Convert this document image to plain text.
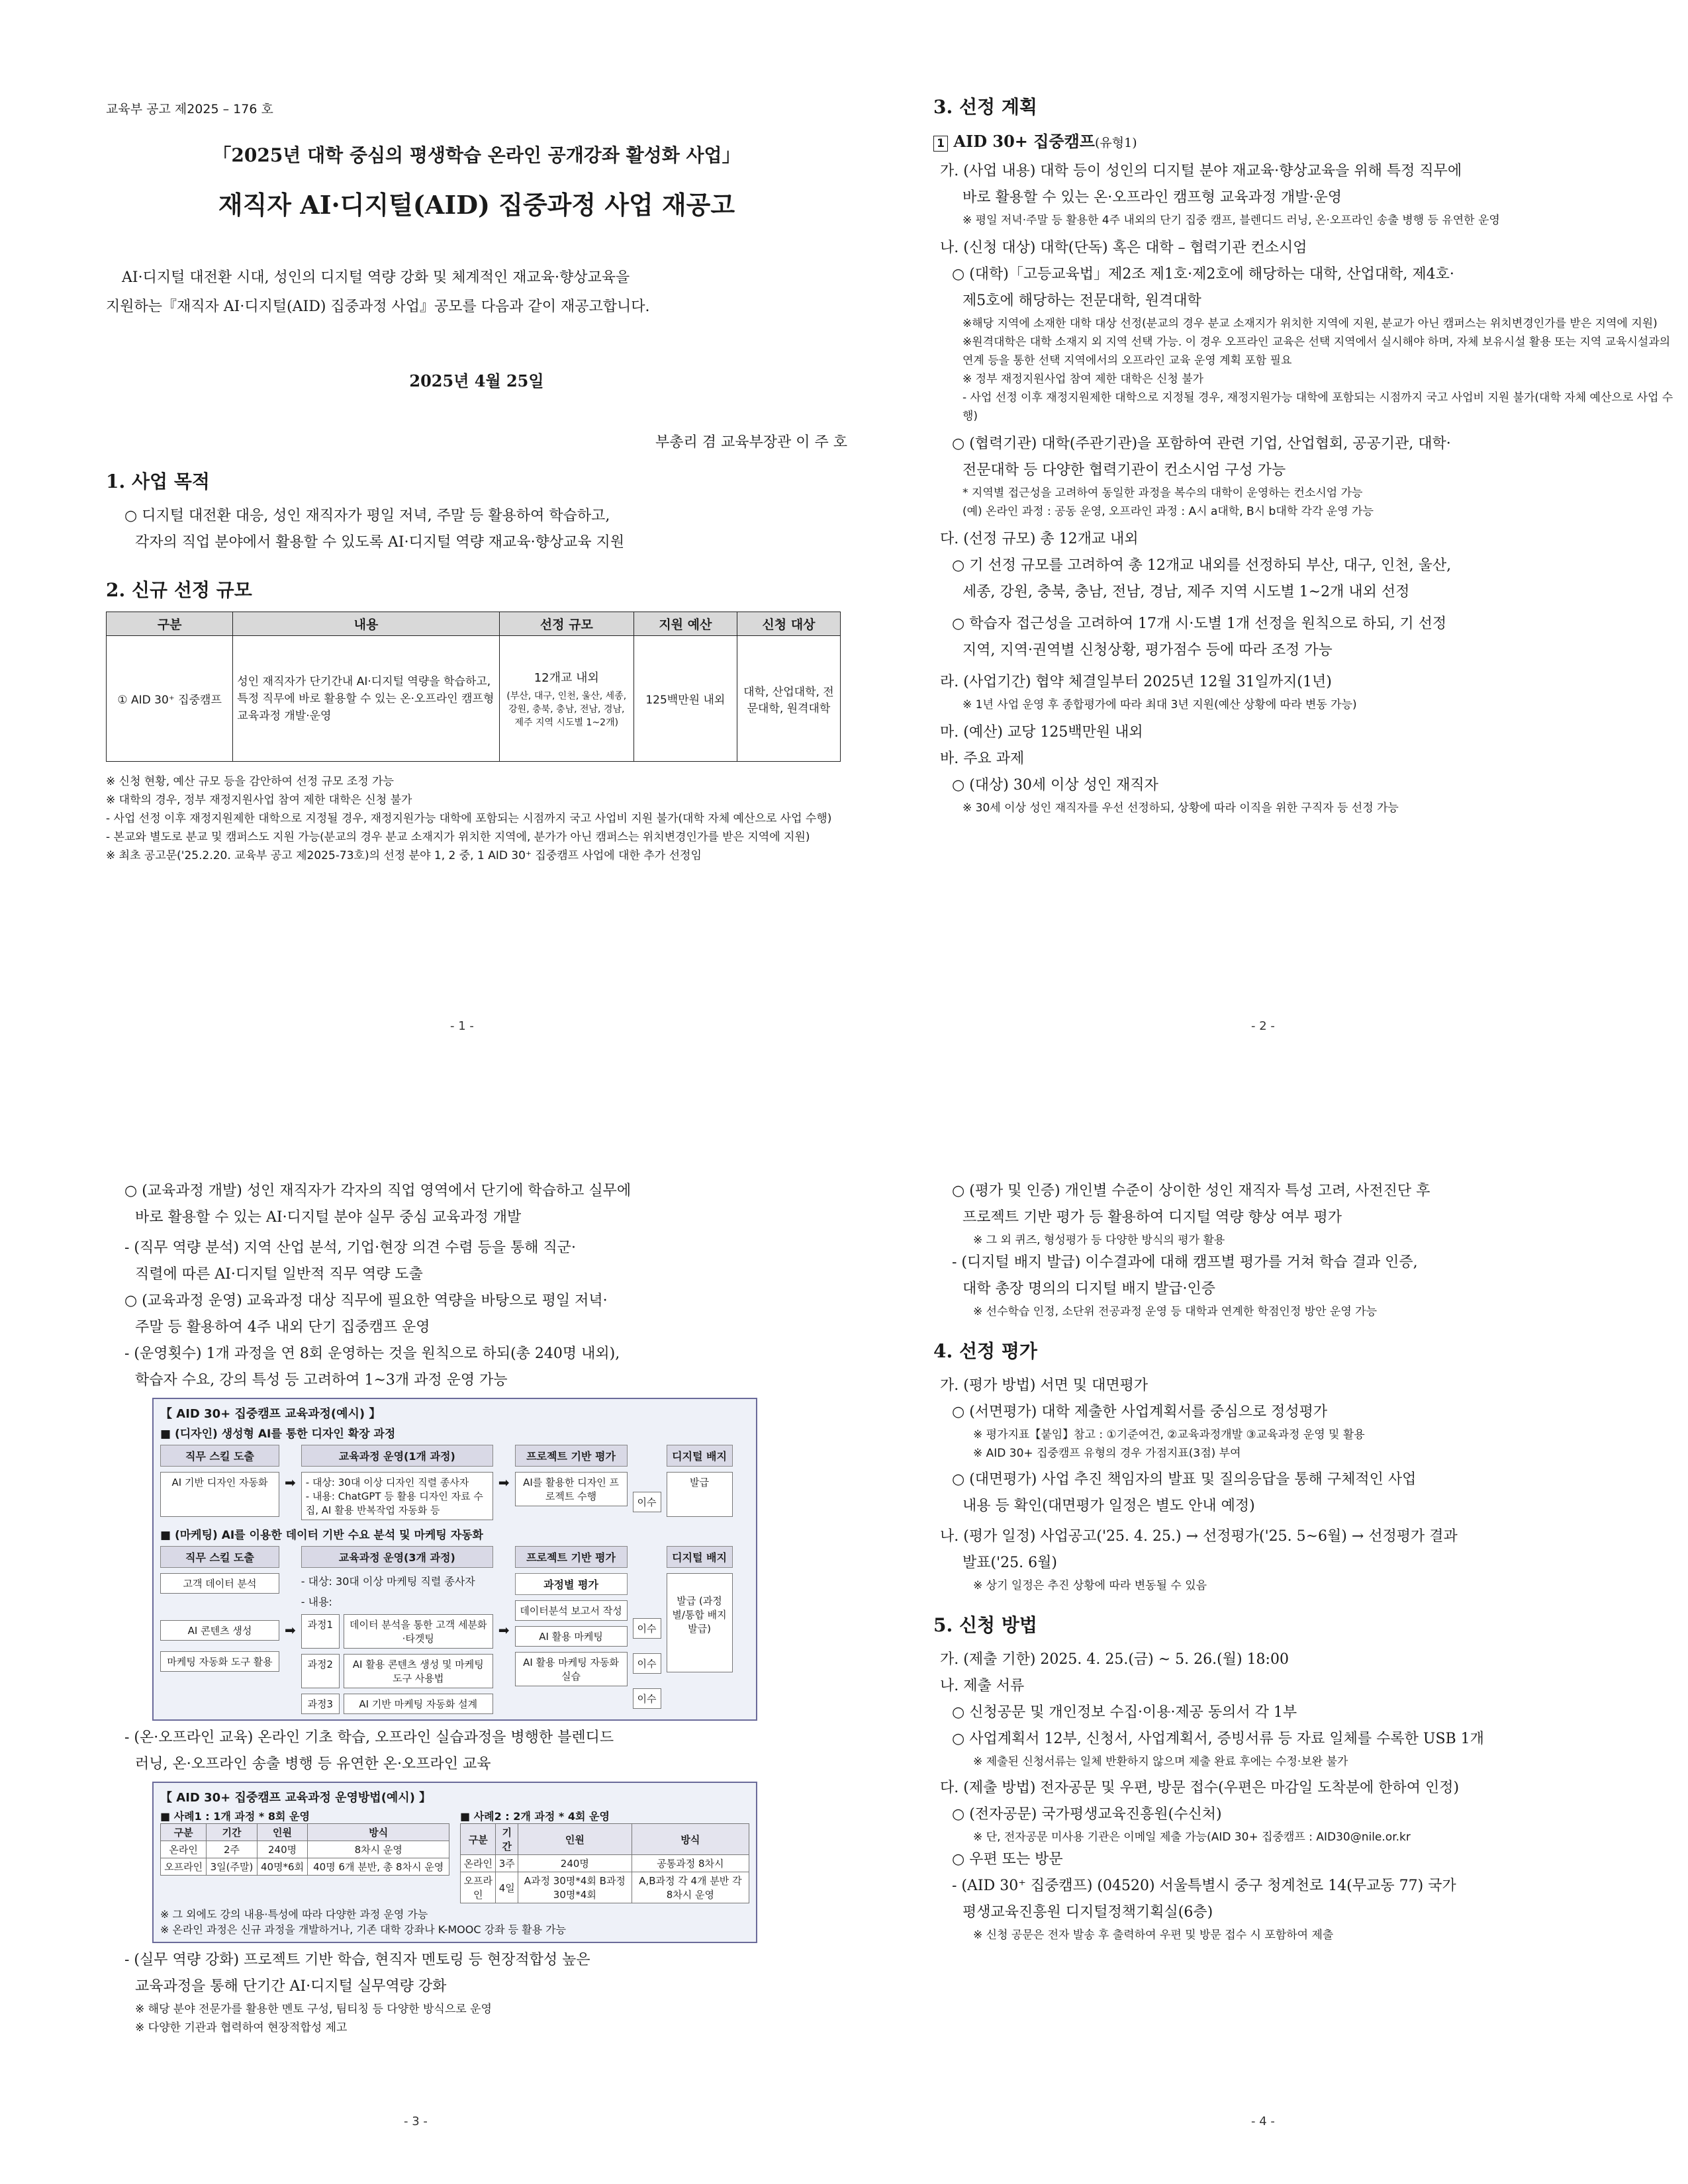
교육부 공고 제2025 – 176 호
「2025년 대학 중심의 평생학습 온라인 공개강좌 활성화 사업」
재직자 AI·디지털(AID) 집중과정 사업 재공고
AI·디지털 대전환 시대, 성인의 디지털 역량 강화 및 체계적인 재교육·향상교육을
지원하는『재직자 AI·디지털(AID) 집중과정 사업』공모를 다음과 같이 재공고합니다.
2025년 4월 25일
부총리 겸 교육부장관 이 주 호
1. 사업 목적
○ 디지털 대전환 대응, 성인 재직자가 평일 저녁, 주말 등 활용하여 학습하고,
각자의 직업 분야에서 활용할 수 있도록 AI·디지털 역량 재교육·향상교육 지원
2. 신규 선정 규모
구분	내용	선정 규모	지원 예산	신청 대상
① AID 30⁺ 집중캠프	성인 재직자가 단기간내 AI·디지털 역량을 학습하고, 특정 직무에 바로 활용할 수 있는 온·오프라인 캠프형 교육과정 개발·운영	12개교 내외
(부산, 대구, 인천, 울산, 세종, 강원, 충북, 충남, 전남, 경남, 제주 지역 시도별 1~2개)	125백만원 내외	대학, 산업대학, 전문대학, 원격대학
※ 신청 현황, 예산 규모 등을 감안하여 선정 규모 조정 가능
※ 대학의 경우, 정부 재정지원사업 참여 제한 대학은 신청 불가
- 사업 선정 이후 재정지원제한 대학으로 지정될 경우, 재정지원가능 대학에 포함되는 시점까지 국고 사업비 지원 불가(대학 자체 예산으로 사업 수행)
- 본교와 별도로 분교 및 캠퍼스도 지원 가능(분교의 경우 분교 소재지가 위치한 지역에, 분가가 아닌 캠퍼스는 위치변경인가를 받은 지역에 지원)
※ 최초 공고문('25.2.20. 교육부 공고 제2025-73호)의 선정 분야 1, 2 중, 1 AID 30⁺ 집중캠프 사업에 대한 추가 선정임
- 1 -
3. 선정 계획
1 AID 30+ 집중캠프(유형1)
가. (사업 내용) 대학 등이 성인의 디지털 분야 재교육·향상교육을 위해 특정 직무에
바로 활용할 수 있는 온·오프라인 캠프형 교육과정 개발·운영
※ 평일 저녁·주말 등 활용한 4주 내외의 단기 집중 캠프, 블렌디드 러닝, 온·오프라인 송출 병행 등 유연한 운영
나. (신청 대상) 대학(단독) 혹은 대학 – 협력기관 컨소시엄
○ (대학)「고등교육법」제2조 제1호·제2호에 해당하는 대학, 산업대학, 제4호·
제5호에 해당하는 전문대학, 원격대학
※해당 지역에 소재한 대학 대상 선정(분교의 경우 분교 소재지가 위치한 지역에 지원, 분교가 아닌 캠퍼스는 위치변경인가를 받은 지역에 지원)
※원격대학은 대학 소재지 외 지역 선택 가능. 이 경우 오프라인 교육은 선택 지역에서 실시해야 하며, 자체 보유시설 활용 또는 지역 교육시설과의 연계 등을 통한 선택 지역에서의 오프라인 교육 운영 계획 포함 필요
※ 정부 재정지원사업 참여 제한 대학은 신청 불가
- 사업 선정 이후 재정지원제한 대학으로 지정될 경우, 재정지원가능 대학에 포함되는 시점까지 국고 사업비 지원 불가(대학 자체 예산으로 사업 수행)
○ (협력기관) 대학(주관기관)을 포함하여 관련 기업, 산업협회, 공공기관, 대학·
전문대학 등 다양한 협력기관이 컨소시엄 구성 가능
* 지역별 접근성을 고려하여 동일한 과정을 복수의 대학이 운영하는 컨소시엄 가능
(예) 온라인 과정 : 공동 운영, 오프라인 과정 : A시 a대학, B시 b대학 각각 운영 가능
다. (선정 규모) 총 12개교 내외
○ 기 선정 규모를 고려하여 총 12개교 내외를 선정하되 부산, 대구, 인천, 울산,
세종, 강원, 충북, 충남, 전남, 경남, 제주 지역 시도별 1~2개 내외 선정
○ 학습자 접근성을 고려하여 17개 시·도별 1개 선정을 원칙으로 하되, 기 선정
지역, 지역·권역별 신청상황, 평가점수 등에 따라 조정 가능
라. (사업기간) 협약 체결일부터 2025년 12월 31일까지(1년)
※ 1년 사업 운영 후 종합평가에 따라 최대 3년 지원(예산 상황에 따라 변동 가능)
마. (예산) 교당 125백만원 내외
바. 주요 과제
○ (대상) 30세 이상 성인 재직자
※ 30세 이상 성인 재직자를 우선 선정하되, 상황에 따라 이직을 위한 구직자 등 선정 가능
- 2 -
○ (교육과정 개발) 성인 재직자가 각자의 직업 영역에서 단기에 학습하고 실무에
바로 활용할 수 있는 AI·디지털 분야 실무 중심 교육과정 개발
- (직무 역량 분석) 지역 산업 분석, 기업·현장 의견 수렴 등을 통해 직군·
직렬에 따른 AI·디지털 일반적 직무 역량 도출
○ (교육과정 운영) 교육과정 대상 직무에 필요한 역량을 바탕으로 평일 저녁·
주말 등 활용하여 4주 내외 단기 집중캠프 운영
- (운영횟수) 1개 과정을 연 8회 운영하는 것을 원칙으로 하되(총 240명 내외),
학습자 수요, 강의 특성 등 고려하여 1~3개 과정 운영 가능
【 AID 30+ 집중캠프 교육과정(예시) 】
■ (디자인) 생성형 AI를 통한 디자인 확장 과정
직무 스킬 도출
AI 기반 디자인 자동화	➡
교육과정 운영(1개 과정)
- 대상: 30대 이상 디자인 직렬 종사자
- 내용: ChatGPT 등 활용 디자인 자료 수집, AI 활용 반복작업 자동화 등
➡
프로젝트 기반 평가
AI를 활용한 디자인 프로젝트 수행	이수
디지털 배지
발급
■ (마케팅) AI를 이용한 데이터 기반 수요 분석 및 마케팅 자동화
직무 스킬 도출
고객 데이터 분석
AI 콘텐츠 생성
마케팅 자동화 도구 활용
➡
교육과정 운영(3개 과정)
- 대상: 30대 이상 마케팅 직렬 종사자
- 내용:
과정1	데이터 분석을 통한 고객 세분화·타겟팅
과정2	AI 활용 콘텐츠 생성 및 마케팅 도구 사용법
과정3	AI 기반 마케팅 자동화 설계
➡
프로젝트 기반 평가
과정별 평가
데이터분석 보고서 작성
AI 활용 마케팅
AI 활용 마케팅 자동화 실습
이수
이수
이수
디지털 배지
발급 (과정별/통합 배지 발급)
- (온·오프라인 교육) 온라인 기초 학습, 오프라인 실습과정을 병행한 블렌디드
러닝, 온·오프라인 송출 병행 등 유연한 온·오프라인 교육
【 AID 30+ 집중캠프 교육과정 운영방법(예시) 】
■ 사례1 : 1개 과정 * 8회 운영
구분	기간	인원	방식
온라인	2주	240명	8차시 운영
오프라인	3일(주말)	40명*6회	40명 6개 분반, 총 8차시 운영
■ 사례2 : 2개 과정 * 4회 운영
구분	기간	인원	방식
온라인	3주	240명	공통과정 8차시
오프라인	4일	A과정 30명*4회 B과정 30명*4회	A,B과정 각 4개 분반 각 8차시 운영
※ 그 외에도 강의 내용·특성에 따라 다양한 과정 운영 가능
※ 온라인 과정은 신규 과정을 개발하거나, 기존 대학 강좌나 K-MOOC 강좌 등 활용 가능
- (실무 역량 강화) 프로젝트 기반 학습, 현직자 멘토링 등 현장적합성 높은
교육과정을 통해 단기간 AI·디지털 실무역량 강화
※ 해당 분야 전문가를 활용한 멘토 구성, 팀티칭 등 다양한 방식으로 운영
※ 다양한 기관과 협력하여 현장적합성 제고
- 3 -
○ (평가 및 인증) 개인별 수준이 상이한 성인 재직자 특성 고려, 사전진단 후
프로젝트 기반 평가 등 활용하여 디지털 역량 향상 여부 평가
※ 그 외 퀴즈, 형성평가 등 다양한 방식의 평가 활용
- (디지털 배지 발급) 이수결과에 대해 캠프별 평가를 거쳐 학습 결과 인증,
대학 총장 명의의 디지털 배지 발급·인증
※ 선수학습 인정, 소단위 전공과정 운영 등 대학과 연계한 학점인정 방안 운영 가능
4. 선정 평가
가. (평가 방법) 서면 및 대면평가
○ (서면평가) 대학 제출한 사업계획서를 중심으로 정성평가
※ 평가지표【붙임】참고 : ①기준여건, ②교육과정개발 ③교육과정 운영 및 활용
※ AID 30+ 집중캠프 유형의 경우 가점지표(3점) 부여
○ (대면평가) 사업 추진 책임자의 발표 및 질의응답을 통해 구체적인 사업
내용 등 확인(대면평가 일정은 별도 안내 예정)
나. (평가 일정) 사업공고('25. 4. 25.) → 선정평가('25. 5~6월) → 선정평가 결과
발표('25. 6월)
※ 상기 일정은 추진 상황에 따라 변동될 수 있음
5. 신청 방법
가. (제출 기한) 2025. 4. 25.(금) ~ 5. 26.(월) 18:00
나. 제출 서류
○ 신청공문 및 개인정보 수집·이용·제공 동의서 각 1부
○ 사업계획서 12부, 신청서, 사업계획서, 증빙서류 등 자료 일체를 수록한 USB 1개
※ 제출된 신청서류는 일체 반환하지 않으며 제출 완료 후에는 수정·보완 불가
다. (제출 방법) 전자공문 및 우편, 방문 접수(우편은 마감일 도착분에 한하여 인정)
○ (전자공문) 국가평생교육진흥원(수신처)
※ 단, 전자공문 미사용 기관은 이메일 제출 가능(AID 30+ 집중캠프 : AID30@nile.or.kr
○ 우편 또는 방문
- (AID 30⁺ 집중캠프) (04520) 서울특별시 중구 청계천로 14(무교동 77) 국가
평생교육진흥원 디지털정책기획실(6층)
※ 신청 공문은 전자 발송 후 출력하여 우편 및 방문 접수 시 포함하여 제출
- 4 -
